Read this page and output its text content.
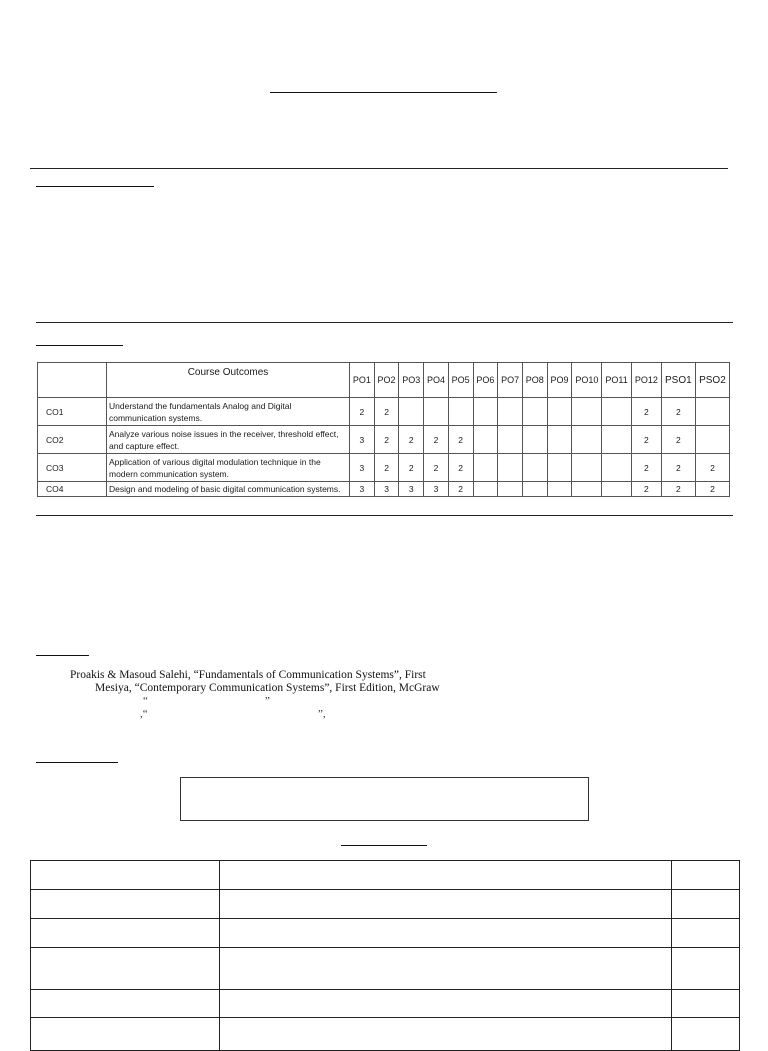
	Course Outcomes	PO1	PO2	PO3	PO4	PO5	PO6	PO7	PO8	PO9	PO10	PO11	PO12	PSO1	PSO2
CO1	Understand the fundamentals Analog and Digital communication systems.	2	2										2	2	
CO2	Analyze various noise issues in the receiver, threshold effect, and capture effect.	3	2	2	2	2							2	2	
CO3	Application of various digital modulation technique in the modern communication system.	3	2	2	2	2							2	2	2
CO4	Design and modeling of basic digital communication systems.	3	3	3	3	2							2	2	2
Proakis & Masoud Salehi, “Fundamentals of Communication Systems”, First
Mesiya, “Contemporary Communication Systems”, First Edition, McGraw
“	”
,“	”,
